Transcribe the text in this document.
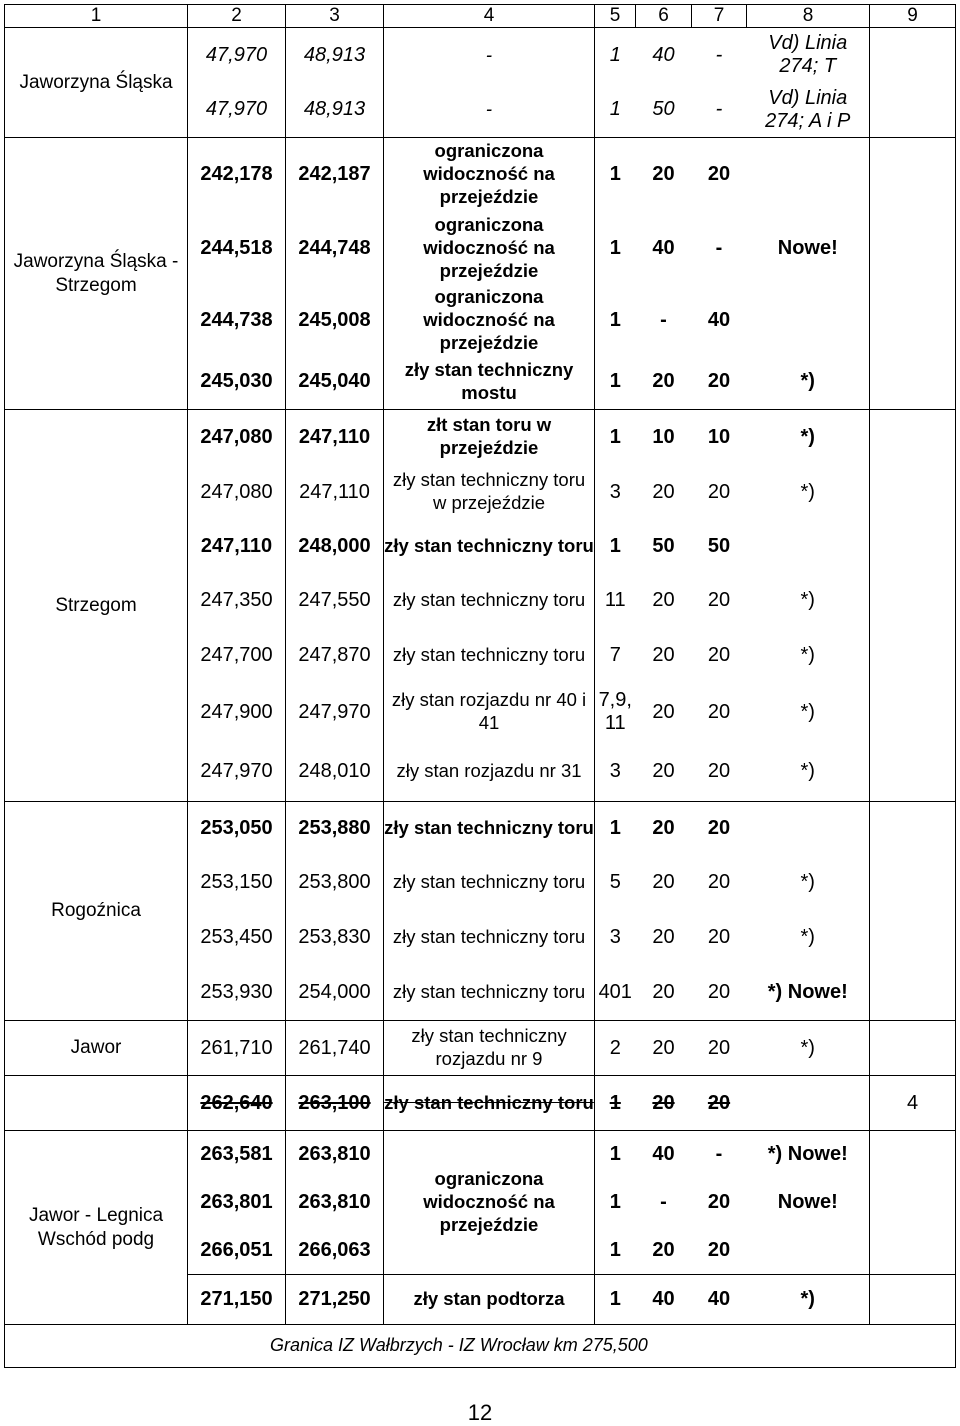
1	2	3	4	5	6	7	8	9
Jaworzyna Śląska	47,970	48,913	-	1	40	-	Vd) Linia 274; T	
	47,970	48,913	-	1	50	-	Vd) Linia 274; A i P	
Jaworzyna Śląska - Strzegom	242,178	242,187	ograniczona widoczność na przejeździe	1	20	20		
	244,518	244,748	ograniczona widoczność na przejeździe	1	40	-	Nowe!	
	244,738	245,008	ograniczona widoczność na przejeździe	1	-	40		
	245,030	245,040	zły stan techniczny mostu	1	20	20	*)	
Strzegom	247,080	247,110	złt stan toru w przejeździe	1	10	10	*)	
	247,080	247,110	zły stan techniczny toru w przejeździe	3	20	20	*)	
	247,110	248,000	zły stan techniczny toru	1	50	50		
	247,350	247,550	zły stan techniczny toru	11	20	20	*)	
	247,700	247,870	zły stan techniczny toru	7	20	20	*)	
	247,900	247,970	zły stan rozjazdu nr 40 i 41	7,9, 11	20	20	*)	
	247,970	248,010	zły stan rozjazdu nr 31	3	20	20	*)	
Rogoźnica	253,050	253,880	zły stan techniczny toru	1	20	20		
	253,150	253,800	zły stan techniczny toru	5	20	20	*)	
	253,450	253,830	zły stan techniczny toru	3	20	20	*)	
	253,930	254,000	zły stan techniczny toru	401	20	20	*) Nowe!	
Jawor	261,710	261,740	zły stan techniczny rozjazdu nr 9	2	20	20	*)	
	262,640	263,100	zły stan techniczny toru	1	20	20		4
Jawor - Legnica Wschód podg	263,581	263,810	ograniczona widoczność na przejeździe	1	40	-	*) Nowe!	
	263,801	263,810		1	-	20	Nowe!	
	266,051	266,063		1	20	20		
	271,150	271,250	zły stan podtorza	1	40	40	*)	
Granica IZ Wałbrzych - IZ Wrocław km 275,500								
12
